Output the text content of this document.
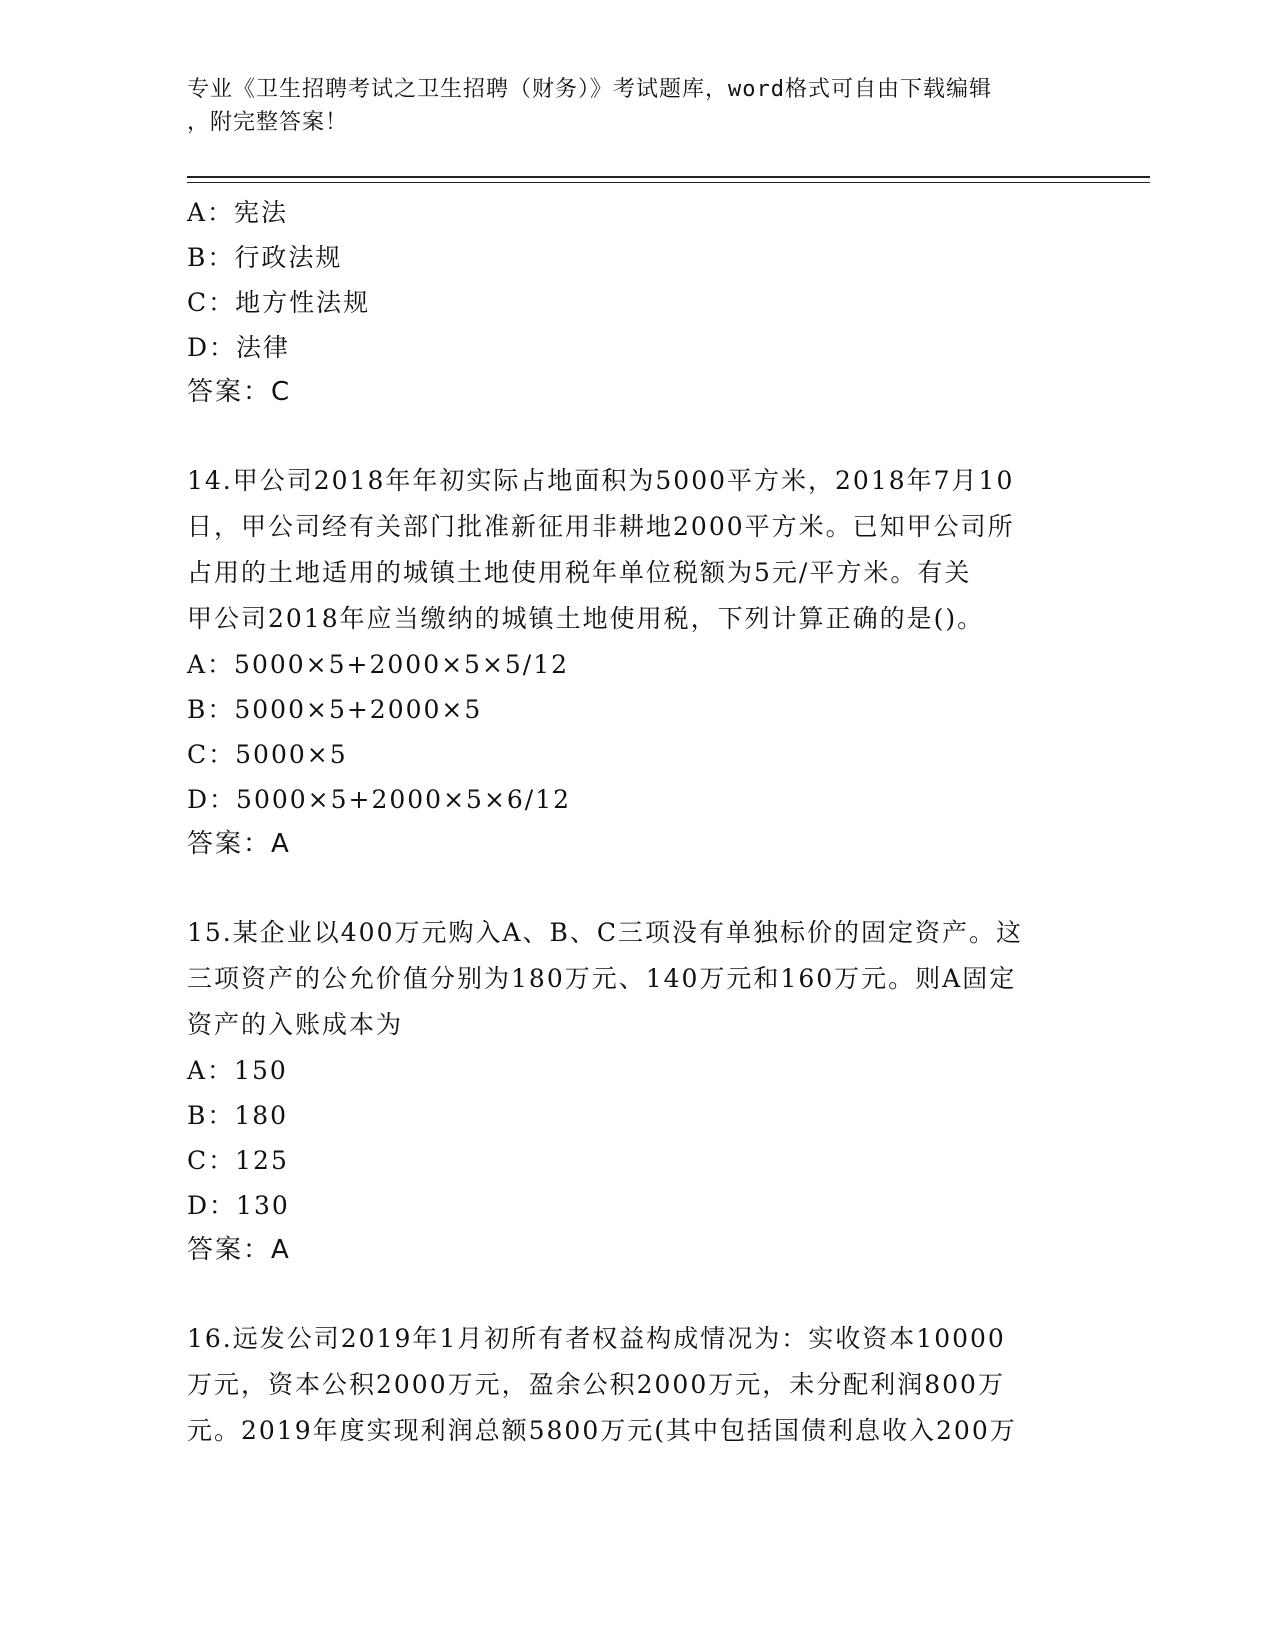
专业《卫生招聘考试之卫生招聘（财务）》考试题库，word格式可自由下载编辑
，附完整答案！
A：宪法
B：行政法规
C：地方性法规
D：法律
答案：C
14.甲公司2018年年初实际占地面积为5000平方米，2018年7月10
日，甲公司经有关部门批准新征用非耕地2000平方米。已知甲公司所
占用的土地适用的城镇土地使用税年单位税额为5元/平方米。有关
甲公司2018年应当缴纳的城镇土地使用税，下列计算正确的是()。
A：5000×5+2000×5×5/12
B：5000×5+2000×5
C：5000×5
D：5000×5+2000×5×6/12
答案：A
15.某企业以400万元购入A、B、C三项没有单独标价的固定资产。这
三项资产的公允价值分别为180万元、140万元和160万元。则A固定
资产的入账成本为
A：150
B：180
C：125
D：130
答案：A
16.远发公司2019年1月初所有者权益构成情况为：实收资本10000
万元，资本公积2000万元，盈余公积2000万元，未分配利润800万
元。2019年度实现利润总额5800万元(其中包括国债利息收入200万
